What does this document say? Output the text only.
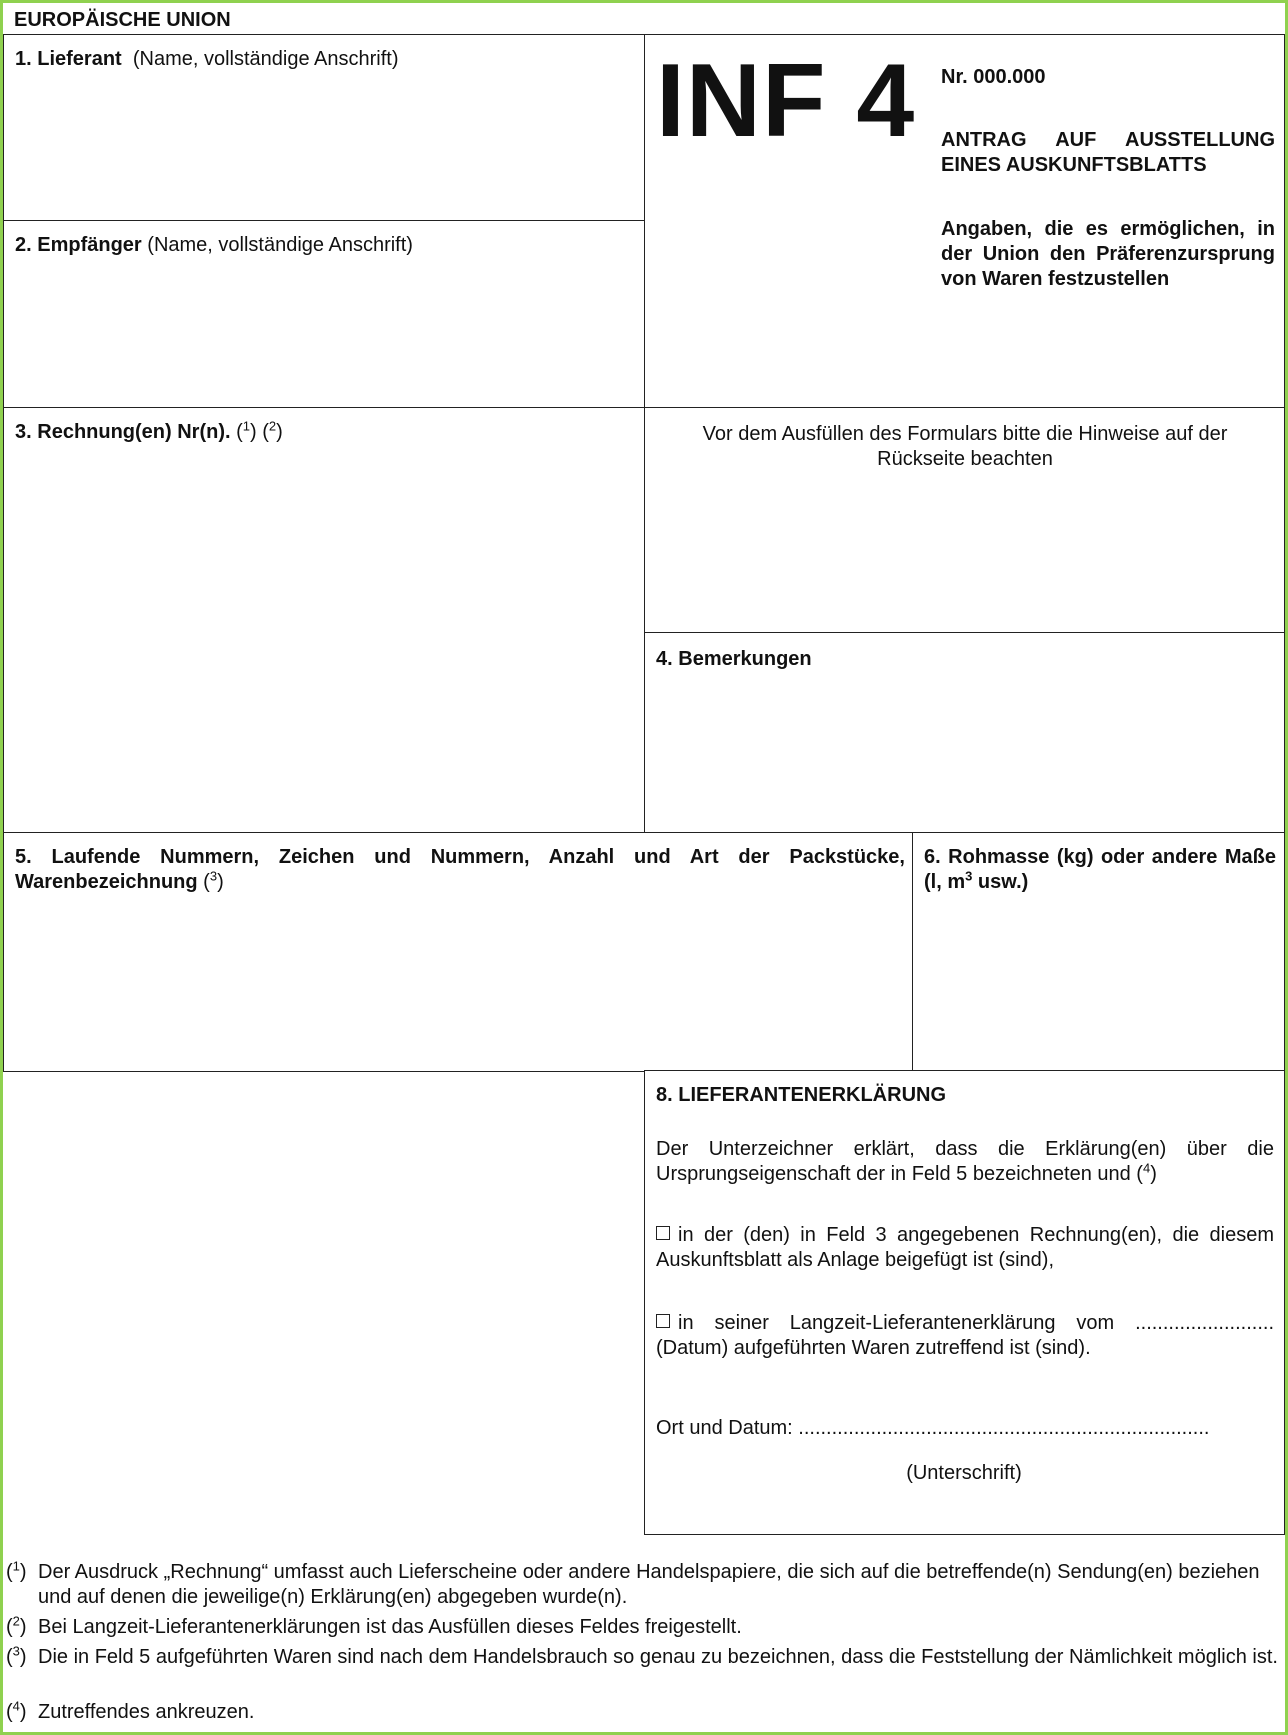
EUROPÄISCHE UNION
1. Lieferant (Name, vollständige Anschrift)
2. Empfänger (Name, vollständige Anschrift)
INF 4 Nr. 000.000
ANTRAG AUF AUSSTELLUNG EINES AUSKUNFTSBLATTS
Angaben, die es ermöglichen, in der Union den Präferenzursprung von Waren festzustellen
3. Rechnung(en) Nr(n). ($^1$) ($^2$)	Vor dem Ausfüllen des Formulars bitte die Hinweise auf der Rückseite beachten
4. Bemerkungen
5. Laufende Nummern, Zeichen und Nummern, Anzahl und Art der Packstücke, Warenbezeichnung ($^3$)
6. Rohmasse (kg) oder andere Maße (l, $m^3$ usw.)
8. LIEFERANTENERKLÄRUNG
Der Unterzeichner erklärt, dass die Erklärung(en) über die Ursprungseigenschaft der in Feld 5 bezeichneten und ($^4$)
in der (den) in Feld 3 angegebenen Rechnung(en), die diesem Auskunftsblatt als Anlage beigefügt ist (sind),
in seiner Langzeit-Lieferantenerklärung vom ......................... (Datum) aufgeführten Waren zutreffend ist (sind).
Ort und Datum: ..........................................................................
(Unterschrift)
($^1$) Der Ausdruck „Rechnung“ umfasst auch Lieferscheine oder andere Handelspapiere, die sich auf die betreffende(n) Sendung(en) beziehen und auf denen die jeweilige(n) Erklärung(en) abgegeben wurde(n).
($^2$) Bei Langzeit-Lieferantenerklärungen ist das Ausfüllen dieses Feldes freigestellt.
($^3$) Die in Feld 5 aufgeführten Waren sind nach dem Handelsbrauch so genau zu bezeichnen, dass die Feststellung der Nämlichkeit möglich ist.
($^4$) Zutreffendes ankreuzen.
